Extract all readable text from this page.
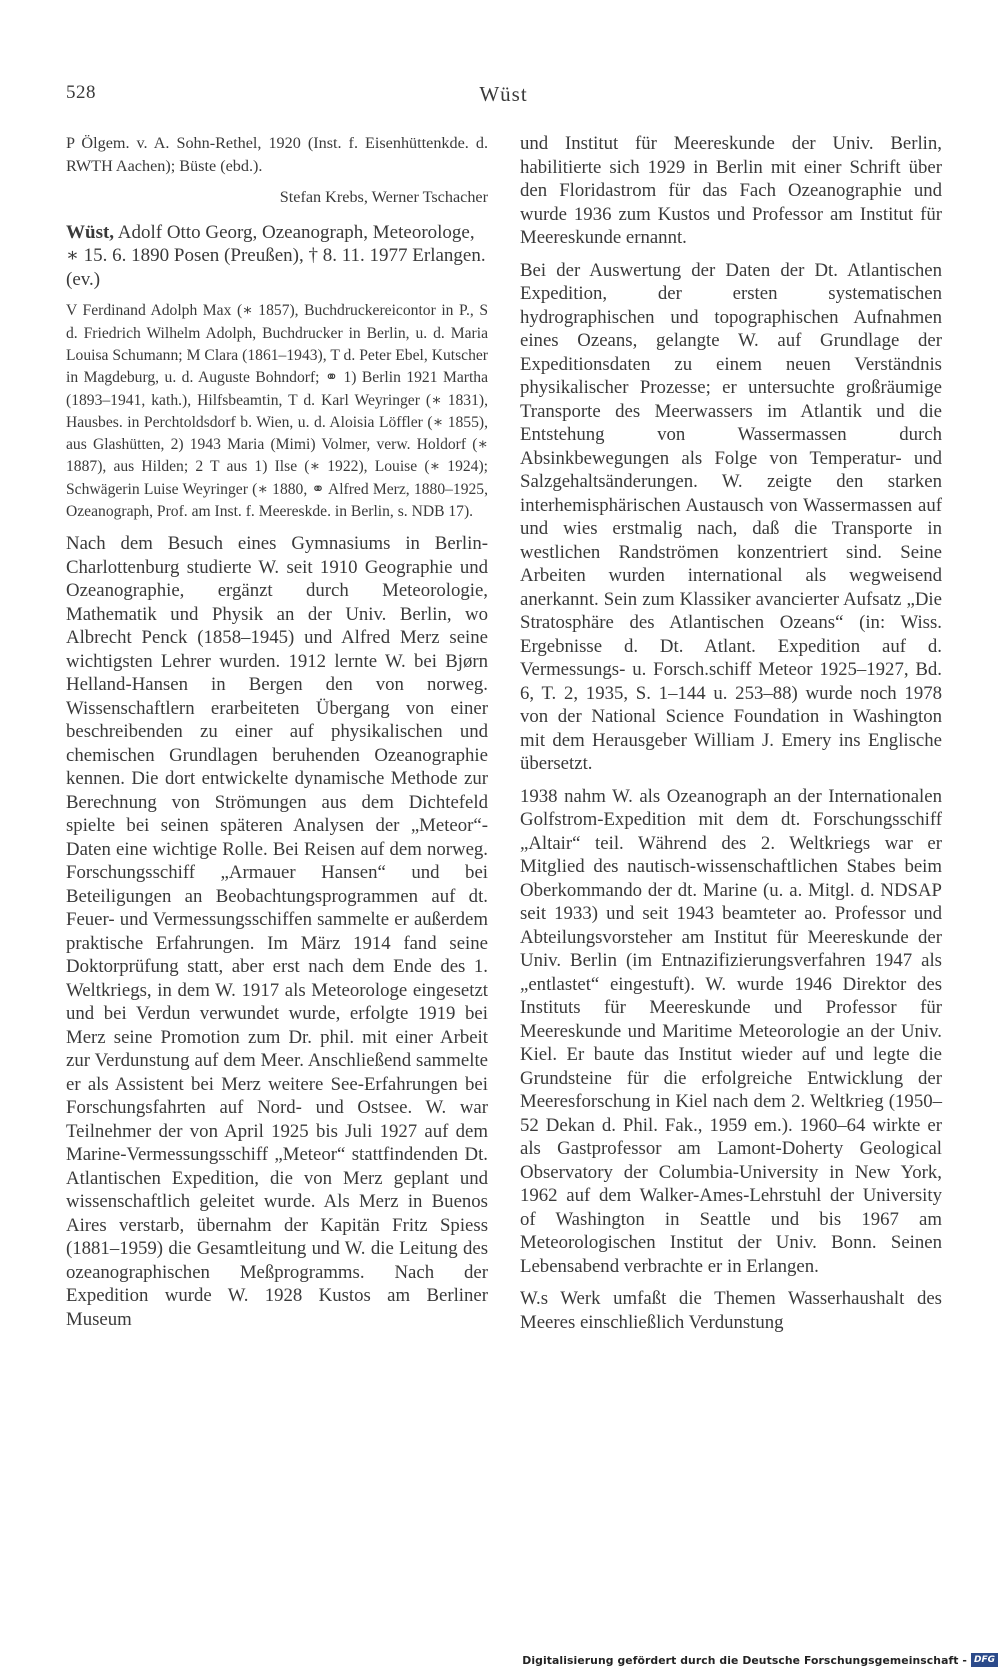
528	Wüst

P Ölgem. v. A. Sohn-Rethel, 1920 (Inst. f. Eisenhüttenkde. d. RWTH Aachen); Büste (ebd.).

Stefan Krebs, Werner Tschacher

Wüst, Adolf Otto Georg, Ozeanograph, Meteorologe, ∗ 15. 6. 1890 Posen (Preußen), † 8. 11. 1977 Erlangen. (ev.)

V Ferdinand Adolph Max (∗ 1857), Buchdruckereicontor in P., S d. Friedrich Wilhelm Adolph, Buchdrucker in Berlin, u. d. Maria Louisa Schumann; M Clara (1861–1943), T d. Peter Ebel, Kutscher in Magdeburg, u. d. Auguste Bohndorf; ⚭ 1) Berlin 1921 Martha (1893–1941, kath.), Hilfsbeamtin, T d. Karl Weyringer (∗ 1831), Hausbes. in Perchtoldsdorf b. Wien, u. d. Aloisia Löffler (∗ 1855), aus Glashütten, 2) 1943 Maria (Mimi) Volmer, verw. Holdorf (∗ 1887), aus Hilden; 2 T aus 1) Ilse (∗ 1922), Louise (∗ 1924); Schwägerin Luise Weyringer (∗ 1880, ⚭ Alfred Merz, 1880–1925, Ozeanograph, Prof. am Inst. f. Meereskde. in Berlin, s. NDB 17).

Nach dem Besuch eines Gymnasiums in Berlin-Charlottenburg studierte W. seit 1910 Geographie und Ozeanographie, ergänzt durch Meteorologie, Mathematik und Physik an der Univ. Berlin, wo Albrecht Penck (1858–1945) und Alfred Merz seine wichtigsten Lehrer wurden. 1912 lernte W. bei Bjørn Helland-Hansen in Bergen den von norweg. Wissenschaftlern erarbeiteten Übergang von einer beschreibenden zu einer auf physikalischen und chemischen Grundlagen beruhenden Ozeanographie kennen. Die dort entwickelte dynamische Methode zur Berechnung von Strömungen aus dem Dichtefeld spielte bei seinen späteren Analysen der „Meteor“-Daten eine wichtige Rolle. Bei Reisen auf dem norweg. Forschungsschiff „Armauer Hansen“ und bei Beteiligungen an Beobachtungsprogrammen auf dt. Feuer- und Vermessungsschiffen sammelte er außerdem praktische Erfahrungen. Im März 1914 fand seine Doktorprüfung statt, aber erst nach dem Ende des 1. Weltkriegs, in dem W. 1917 als Meteorologe eingesetzt und bei Verdun verwundet wurde, erfolgte 1919 bei Merz seine Promotion zum Dr. phil. mit einer Arbeit zur Verdunstung auf dem Meer. Anschließend sammelte er als Assistent bei Merz weitere See-Erfahrungen bei Forschungsfahrten auf Nord- und Ostsee. W. war Teilnehmer der von April 1925 bis Juli 1927 auf dem Marine-Vermessungsschiff „Meteor“ stattfindenden Dt. Atlantischen Expedition, die von Merz geplant und wissenschaftlich geleitet wurde. Als Merz in Buenos Aires verstarb, übernahm der Kapitän Fritz Spiess (1881–1959) die Gesamtleitung und W. die Leitung des ozeanographischen Meßprogramms. Nach der Expedition wurde W. 1928 Kustos am Berliner Museum

und Institut für Meereskunde der Univ. Berlin, habilitierte sich 1929 in Berlin mit einer Schrift über den Floridastrom für das Fach Ozeanographie und wurde 1936 zum Kustos und Professor am Institut für Meereskunde ernannt.

Bei der Auswertung der Daten der Dt. Atlantischen Expedition, der ersten systematischen hydrographischen und topographischen Aufnahmen eines Ozeans, gelangte W. auf Grundlage der Expeditionsdaten zu einem neuen Verständnis physikalischer Prozesse; er untersuchte großräumige Transporte des Meerwassers im Atlantik und die Entstehung von Wassermassen durch Absinkbewegungen als Folge von Temperatur- und Salzgehaltsänderungen. W. zeigte den starken interhemisphärischen Austausch von Wassermassen auf und wies erstmalig nach, daß die Transporte in westlichen Randströmen konzentriert sind. Seine Arbeiten wurden international als wegweisend anerkannt. Sein zum Klassiker avancierter Aufsatz „Die Stratosphäre des Atlantischen Ozeans“ (in: Wiss. Ergebnisse d. Dt. Atlant. Expedition auf d. Vermessungs- u. Forsch.schiff Meteor 1925–1927, Bd. 6, T. 2, 1935, S. 1–144 u. 253–88) wurde noch 1978 von der National Science Foundation in Washington mit dem Herausgeber William J. Emery ins Englische übersetzt.

1938 nahm W. als Ozeanograph an der Internationalen Golfstrom-Expedition mit dem dt. Forschungsschiff „Altair“ teil. Während des 2. Weltkriegs war er Mitglied des nautisch-wissenschaftlichen Stabes beim Oberkommando der dt. Marine (u. a. Mitgl. d. NDSAP seit 1933) und seit 1943 beamteter ao. Professor und Abteilungsvorsteher am Institut für Meereskunde der Univ. Berlin (im Entnazifizierungsverfahren 1947 als „entlastet“ eingestuft). W. wurde 1946 Direktor des Instituts für Meereskunde und Professor für Meereskunde und Maritime Meteorologie an der Univ. Kiel. Er baute das Institut wieder auf und legte die Grundsteine für die erfolgreiche Entwicklung der Meeresforschung in Kiel nach dem 2. Weltkrieg (1950–52 Dekan d. Phil. Fak., 1959 em.). 1960–64 wirkte er als Gastprofessor am Lamont-Doherty Geological Observatory der Columbia-University in New York, 1962 auf dem Walker-Ames-Lehrstuhl der University of Washington in Seattle und bis 1967 am Meteorologischen Institut der Univ. Bonn. Seinen Lebensabend verbrachte er in Erlangen.

W.s Werk umfaßt die Themen Wasserhaushalt des Meeres einschließlich Verdunstung

Digitalisierung gefördert durch die Deutsche Forschungsgemeinschaft - DFG
